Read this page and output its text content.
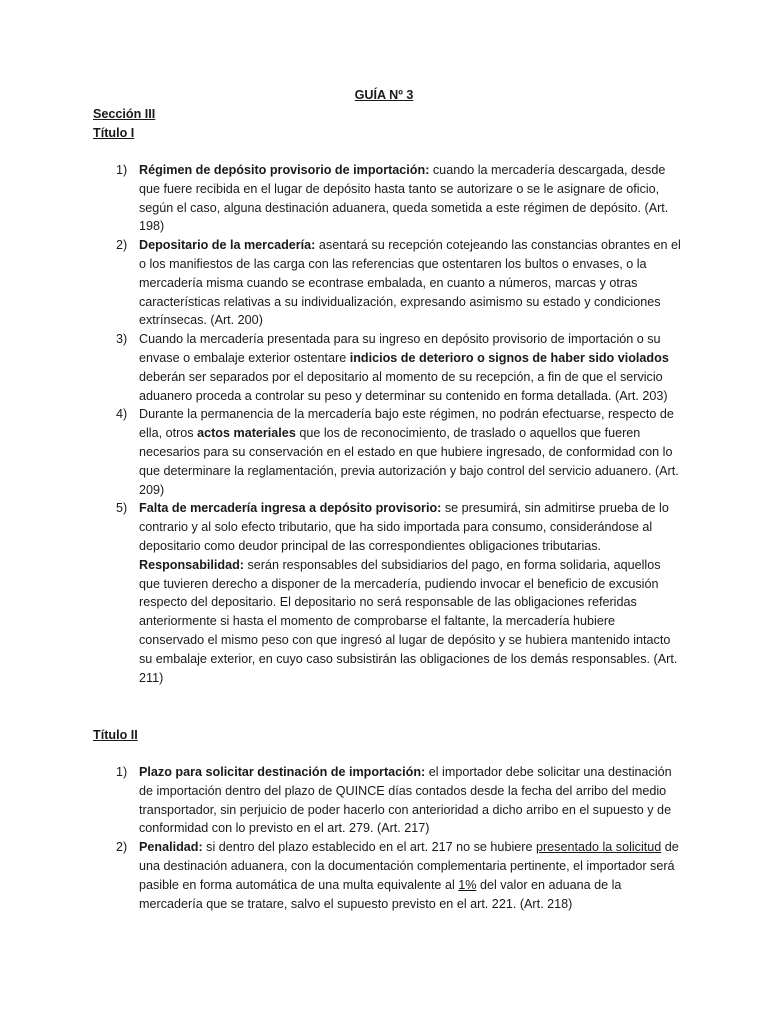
GUÍA Nº 3
Sección III
Título I
1) Régimen de depósito provisorio de importación: cuando la mercadería descargada, desde que fuere recibida en el lugar de depósito hasta tanto se autorizare o se le asignare de oficio, según el caso, alguna destinación aduanera, queda sometida a este régimen de depósito. (Art. 198)
2) Depositario de la mercadería: asentará su recepción cotejeando las constancias obrantes en el o los manifiestos de las carga con las referencias que ostentaren los bultos o envases, o la mercadería misma cuando se econtrase embalada, en cuanto a números, marcas y otras características relativas a su individualización, expresando asimismo su estado y condiciones extrínsecas. (Art. 200)
3) Cuando la mercadería presentada para su ingreso en depósito provisorio de importación o su envase o embalaje exterior ostentare indicios de deterioro o signos de haber sido violados deberán ser separados por el depositario al momento de su recepción, a fin de que el servicio aduanero proceda a controlar su peso y determinar su contenido en forma detallada. (Art. 203)
4) Durante la permanencia de la mercadería bajo este régimen, no podrán efectuarse, respecto de ella, otros actos materiales que los de reconocimiento, de traslado o aquellos que fueren necesarios para su conservación en el estado en que hubiere ingresado, de conformidad con lo que determinare la reglamentación, previa autorización y bajo control del servicio aduanero. (Art. 209)
5) Falta de mercadería ingresa a depósito provisorio: se presumirá, sin admitirse prueba de lo contrario y al solo efecto tributario, que ha sido importada para consumo, considerándose al depositario como deudor principal de las correspondientes obligaciones tributarias. Responsabilidad: serán responsables del subsidiarios del pago, en forma solidaria, aquellos que tuvieren derecho a disponer de la mercadería, pudiendo invocar el beneficio de excusión respecto del depositario. El depositario no será responsable de las obligaciones referidas anteriormente si hasta el momento de comprobarse el faltante, la mercadería hubiere conservado el mismo peso con que ingresó al lugar de depósito y se hubiera mantenido intacto su embalaje exterior, en cuyo caso subsistirán las obligaciones de los demás responsables. (Art. 211)
Título II
1) Plazo para solicitar destinación de importación: el importador debe solicitar una destinación de importación dentro del plazo de QUINCE días contados desde la fecha del arribo del medio transportador, sin perjuicio de poder hacerlo con anterioridad a dicho arribo en el supuesto y de conformidad con lo previsto en el art. 279. (Art. 217)
2) Penalidad: si dentro del plazo establecido en el art. 217 no se hubiere presentado la solicitud de una destinación aduanera, con la documentación complementaria pertinente, el importador será pasible en forma automática de una multa equivalente al 1% del valor en aduana de la mercadería que se tratare, salvo el supuesto previsto en el art. 221. (Art. 218)
